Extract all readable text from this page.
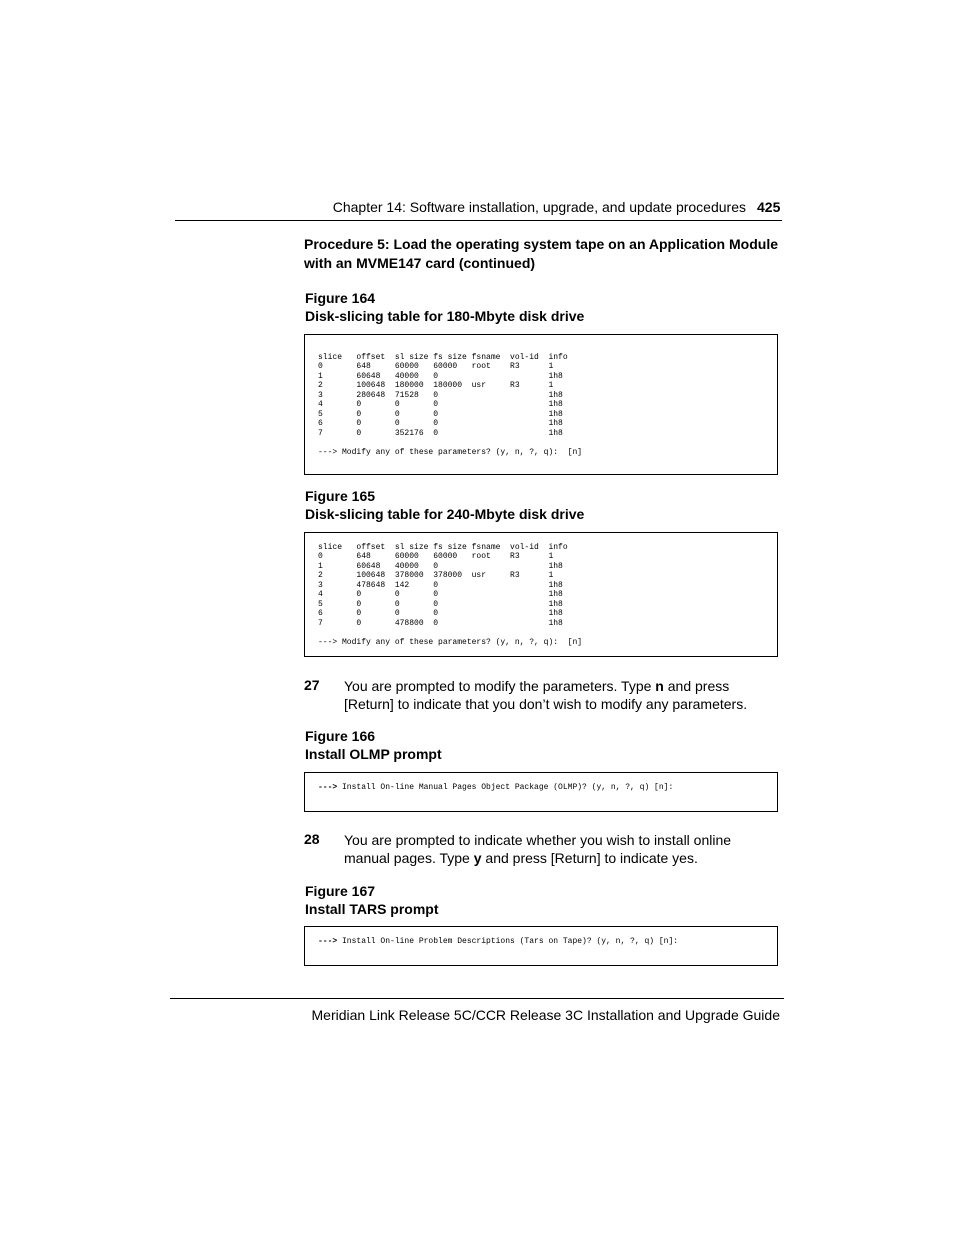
Chapter 14: Software installation, upgrade, and update procedures 425
Procedure 5: Load the operating system tape on an Application Module with an MVME147 card (continued)
Figure 164
Disk-slicing table for 180-Mbyte disk drive
slice   offset  sl size fs size fsname  vol-id  info
0       648     60000   60000   root    R3      1
1       60648   40000   0                       1h8
2       100648  180000  180000  usr     R3      1
3       280648  71528   0                       1h8
4       0       0       0                       1h8
5       0       0       0                       1h8
6       0       0       0                       1h8
7       0       352176  0                       1h8

---> Modify any of these parameters? (y, n, ?, q):  [n]
Figure 165
Disk-slicing table for 240-Mbyte disk drive
slice   offset  sl size fs size fsname  vol-id  info
0       648     60000   60000   root    R3      1
1       60648   40000   0                       1h8
2       100648  378000  378000  usr     R3      1
3       478648  142     0                       1h8
4       0       0       0                       1h8
5       0       0       0                       1h8
6       0       0       0                       1h8
7       0       478800  0                       1h8

---> Modify any of these parameters? (y, n, ?, q):  [n]
27 You are prompted to modify the parameters. Type n and press [Return] to indicate that you don’t wish to modify any parameters.
Figure 166
Install OLMP prompt
---> Install On-line Manual Pages Object Package (OLMP)? (y, n, ?, q) [n]:
28 You are prompted to indicate whether you wish to install online manual pages. Type y and press [Return] to indicate yes.
Figure 167
Install TARS prompt
---> Install On-line Problem Descriptions (Tars on Tape)? (y, n, ?, q) [n]:
Meridian Link Release 5C/CCR Release 3C Installation and Upgrade Guide
